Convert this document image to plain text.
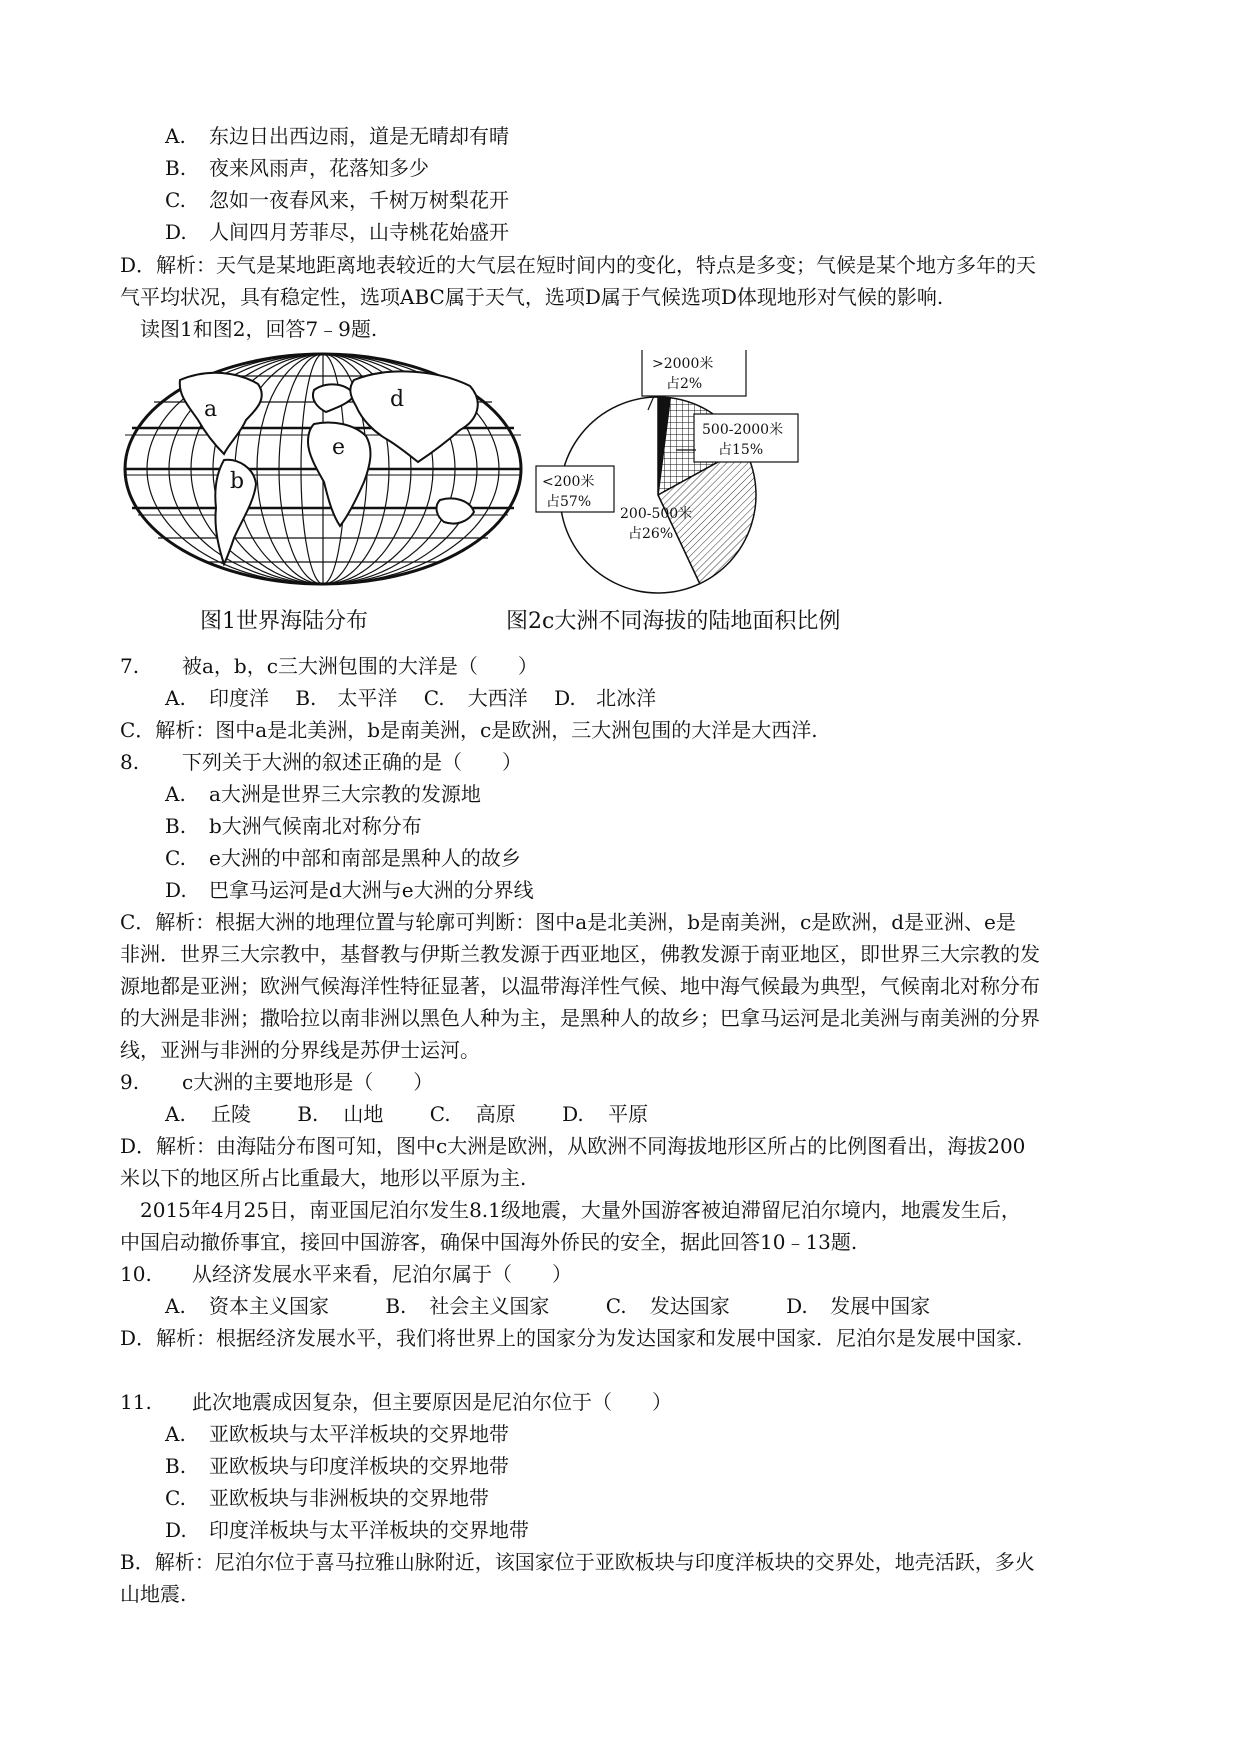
A. 东边日出西边雨，道是无晴却有晴
B. 夜来风雨声，花落知多少
C. 忽如一夜春风来，千树万树梨花开
D. 人间四月芳菲尽，山寺桃花始盛开
D．解析：天气是某地距离地表较近的大气层在短时间内的变化，特点是多变；气候是某个地方多年的天
气平均状况，具有稳定性，选项ABC属于天气，选项D属于气候选项D体现地形对气候的影响.
读图1和图2，回答7﹣9题.
a
b
d
e
>2000米
占2%
500-2000米
占15%
<200米
占57%
200-500米
占26%
图1世界海陆分布	图2c大洲不同海拔的陆地面积比例
7. 被a，b，c三大洲包围的大洋是（　　）
A. 印度洋 B. 太平洋 C. 大西洋 D. 北冰洋
C．解析：图中a是北美洲，b是南美洲，c是欧洲，三大洲包围的大洋是大西洋.
8. 下列关于大洲的叙述正确的是（　　）
A. a大洲是世界三大宗教的发源地
B. b大洲气候南北对称分布
C. e大洲的中部和南部是黑种人的故乡
D. 巴拿马运河是d大洲与e大洲的分界线
C．解析：根据大洲的地理位置与轮廓可判断：图中a是北美洲，b是南美洲，c是欧洲，d是亚洲、e是
非洲．世界三大宗教中，基督教与伊斯兰教发源于西亚地区，佛教发源于南亚地区，即世界三大宗教的发
源地都是亚洲；欧洲气候海洋性特征显著，以温带海洋性气候、地中海气候最为典型，气候南北对称分布
的大洲是非洲；撒哈拉以南非洲以黑色人种为主，是黑种人的故乡；巴拿马运河是北美洲与南美洲的分界
线，亚洲与非洲的分界线是苏伊士运河。
9. c大洲的主要地形是（　　）
A. 丘陵 B. 山地 C. 高原 D. 平原
D．解析：由海陆分布图可知，图中c大洲是欧洲，从欧洲不同海拔地形区所占的比例图看出，海拔200
米以下的地区所占比重最大，地形以平原为主.
2015年4月25日，南亚国尼泊尔发生8.1级地震，大量外国游客被迫滞留尼泊尔境内，地震发生后，
中国启动撤侨事宜，接回中国游客，确保中国海外侨民的安全，据此回答10﹣13题.
10. 从经济发展水平来看，尼泊尔属于（　　）
A. 资本主义国家	B. 社会主义国家	C. 发达国家	D. 发展中国家
D．解析：根据经济发展水平，我们将世界上的国家分为发达国家和发展中国家．尼泊尔是发展中国家.
11. 此次地震成因复杂，但主要原因是尼泊尔位于（　　）
A. 亚欧板块与太平洋板块的交界地带
B. 亚欧板块与印度洋板块的交界地带
C. 亚欧板块与非洲板块的交界地带
D. 印度洋板块与太平洋板块的交界地带
B．解析：尼泊尔位于喜马拉雅山脉附近，该国家位于亚欧板块与印度洋板块的交界处，地壳活跃，多火
山地震.
